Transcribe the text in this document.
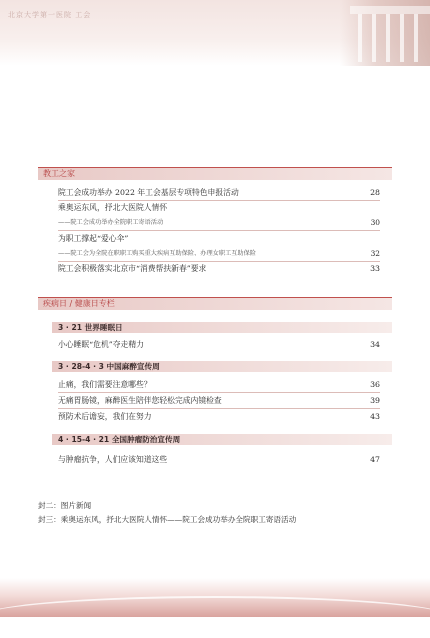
北京大学第一医院 工会
教工之家
院工会成功举办 2022 年工会基层专项特色申报活动	28
乘奥运东风，抒北大医院人情怀
——院工会成功举办全院职工寄语活动	30
为职工撑起“爱心伞”
——院工会为全院在职职工购买重大疾病互助保险、办理女职工互助保险	32
院工会积极落实北京市“消费帮扶新春”要求	33
疾病日 / 健康日专栏
3 · 21 世界睡眠日
小心睡眠“危机”夺走精力	34
3 · 28-4 · 3 中国麻醉宣传周
止痛，我们需要注意哪些？	36
无痛胃肠镜，麻醉医生陪伴您轻松完成内镜检查	39
预防术后谵妄，我们在努力	43
4 · 15-4 · 21 全国肿瘤防治宣传周
与肿瘤抗争，人们应该知道这些	47
封二：图片新闻
封三：乘奥运东风，抒北大医院人情怀——院工会成功举办全院职工寄语活动
